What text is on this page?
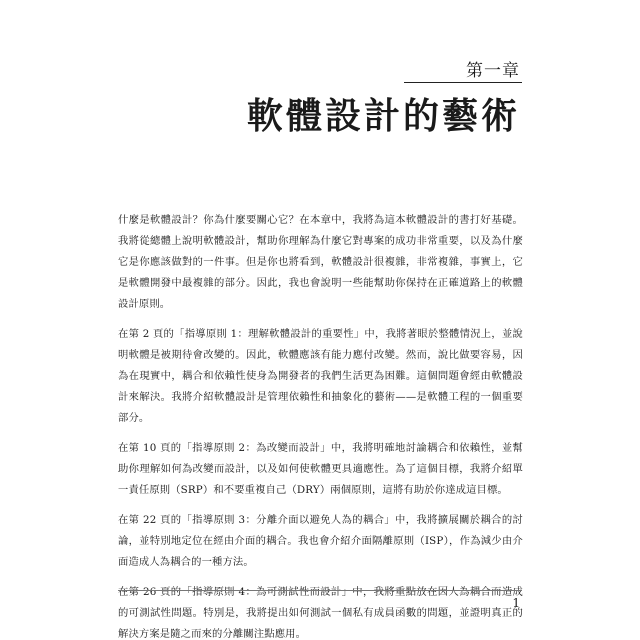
第一章
軟體設計的藝術

什麼是軟體設計？你為什麼要關心它？在本章中，我將為這本軟體設計的書打好基礎。我將從總體上說明軟體設計，幫助你理解為什麼它對專案的成功非常重要，以及為什麼它是你應該做對的一件事。但是你也將看到，軟體設計很複雜，非常複雜，事實上，它是軟體開發中最複雜的部分。因此，我也會說明一些能幫助你保持在正確道路上的軟體設計原則。

在第 2 頁的「指導原則 1：理解軟體設計的重要性」中，我將著眼於整體情況上，並說明軟體是被期待會改變的。因此，軟體應該有能力應付改變。然而，說比做要容易，因為在現實中，耦合和依賴性使身為開發者的我們生活更為困難。這個問題會經由軟體設計來解決。我將介紹軟體設計是管理依賴性和抽象化的藝術——是軟體工程的一個重要部分。

在第 10 頁的「指導原則 2：為改變而設計」中，我將明確地討論耦合和依賴性，並幫助你理解如何為改變而設計，以及如何使軟體更具適應性。為了這個目標，我將介紹單一責任原則（SRP）和不要重複自己（DRY）兩個原則，這將有助於你達成這目標。

在第 22 頁的「指導原則 3：分離介面以避免人為的耦合」中，我將擴展關於耦合的討論，並特別地定位在經由介面的耦合。我也會介紹介面隔離原則（ISP），作為減少由介面造成人為耦合的一種方法。

在第 26 頁的「指導原則 4：為可測試性而設計」中，我將重點放在因人為耦合而造成的可測試性問題。特別是，我將提出如何測試一個私有成員函數的問題，並證明真正的解決方案是隨之而來的分離關注點應用。

1
